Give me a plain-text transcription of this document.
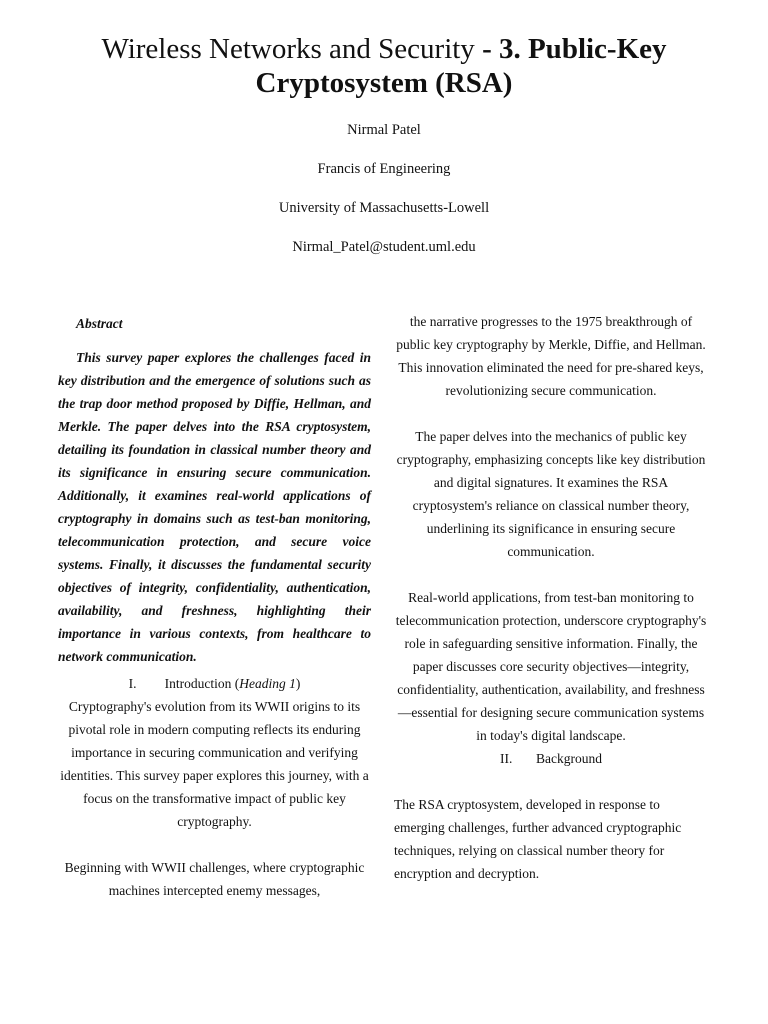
Wireless Networks and Security - 3. Public-Key Cryptosystem (RSA)

Nirmal Patel

Francis of Engineering

University of Massachusetts-Lowell

Nirmal_Patel@student.uml.edu

Abstract

This survey paper explores the challenges faced in key distribution and the emergence of solutions such as the trap door method proposed by Diffie, Hellman, and Merkle. The paper delves into the RSA cryptosystem, detailing its foundation in classical number theory and its significance in ensuring secure communication. Additionally, it examines real-world applications of cryptography in domains such as test-ban monitoring, telecommunication protection, and secure voice systems. Finally, it discusses the fundamental security objectives of integrity, confidentiality, authentication, availability, and freshness, highlighting their importance in various contexts, from healthcare to network communication.

I. Introduction (Heading 1)

Cryptography's evolution from its WWII origins to its pivotal role in modern computing reflects its enduring importance in securing communication and verifying identities. This survey paper explores this journey, with a focus on the transformative impact of public key cryptography.

Beginning with WWII challenges, where cryptographic machines intercepted enemy messages,

the narrative progresses to the 1975 breakthrough of public key cryptography by Merkle, Diffie, and Hellman. This innovation eliminated the need for pre-shared keys, revolutionizing secure communication.

The paper delves into the mechanics of public key cryptography, emphasizing concepts like key distribution and digital signatures. It examines the RSA cryptosystem's reliance on classical number theory, underlining its significance in ensuring secure communication.

Real-world applications, from test-ban monitoring to telecommunication protection, underscore cryptography's role in safeguarding sensitive information. Finally, the paper discusses core security objectives—integrity, confidentiality, authentication, availability, and freshness—essential for designing secure communication systems in today's digital landscape.

II. Background

The RSA cryptosystem, developed in response to emerging challenges, further advanced cryptographic techniques, relying on classical number theory for encryption and decryption.
